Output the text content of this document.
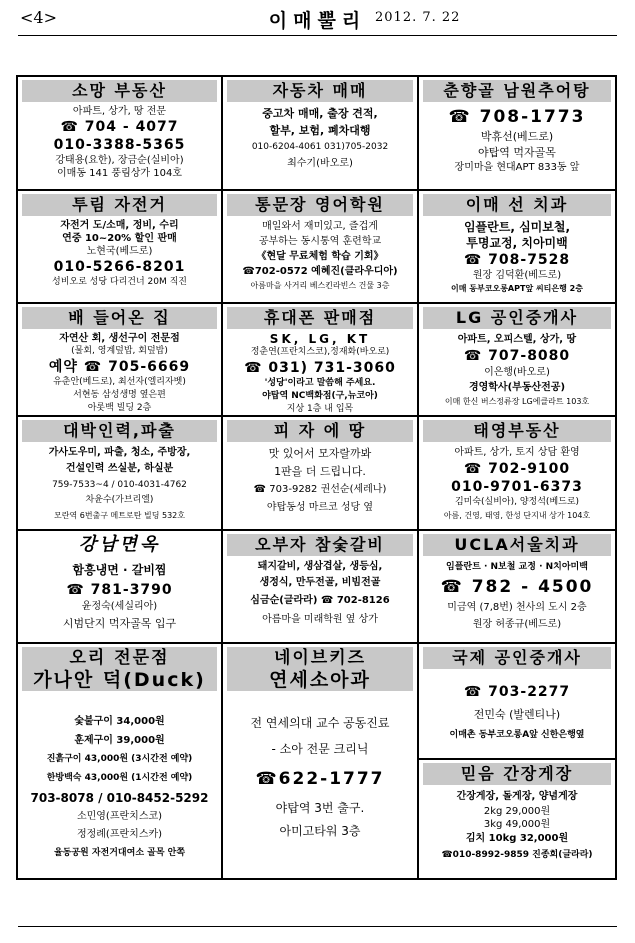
<4>	이매뿔리 2012. 7. 22
소망 부동산
아파트, 상가, 땅 전문
☎ 704 - 4077
010-3388-5365
강태용(요한), 장금순(실비아)
이매동 141 풍림상가 104호
자동차 매매
중고차 매매, 출장 견적,
할부, 보험, 폐차대행
010-6204-4061 031)705-2032
최수기(바오로)
춘향골 남원추어탕
☎ 708-1773
박휴선(베드로)
야탑역 먹자골목
장미마을 현대APT 833동 앞
투림 자전거
자전거 도/소매, 정비, 수리
연중 10~20% 할인 판매
노현국(베드로)
010-5266-8201
성비오로 성당 다리건너 20M 직진
통문장 영어학원
매일와서 재미있고, 즐겁게
공부하는 동시통역 훈련학교
《현달 무료체험 학습 기회》
☎702-0572 예혜진(클라우디아)
아름마을 사거리 베스킨라빈스 건물 3층
이매 선 치과
임플란트, 심미보철,
투명교정, 치아미백
☎ 708-7528
원장 김덕환(베드로)
이매 동부코오롱APT앞 씨티은행 2층
배 들어온 집
자연산 회, 생선구이 전문점
(물회, 영계덮밥, 회덮밥)
예약 ☎ 705-6669
유춘안(베드로), 최선자(엘리자벳)
서현동 삼성생명 옆은편
아롯백 빌딩 2층
휴대폰 판매점
SK, LG, KT
정춘연(프란치스코),정재화(바오로)
☎ 031) 731-3060
'성당'이라고 말씀해 주세요.
야탑역 NC백화점(구,뉴코아)
지상 1층 내 입목
LG 공인중개사
아파트, 오피스텔, 상가, 땅
☎ 707-8080
이은행(바오로)
경영학사(부동산전공)
이매 한신 버스정류장 LG에클라트 103호
대박인력,파출
가사도우미, 파출, 청소, 주방장,
건설인력 쓰실분, 하실분
759-7533~4 / 010-4031-4762
차윤수(가브리엘)
모란역 6번출구 메트로탄 빌딩 532호
피 자 에 땅
맛 있어서 모자랄까봐
1판을 더 드립니다.
☎ 703-9282 권선순(세레나)
야탑동성 마르코 성당 옆
태영부동산
아파트, 상가, 토지 상담 환영
☎ 702-9100
010-9701-6373
김미숙(실비아), 양정석(베드로)
아름, 건영, 태영, 한성 단지내 상가 104호
강남면옥
함흥냉면 · 갈비찜
☎ 781-3790
윤정숙(세실리아)
시범단지 먹자골목 입구
오부자 참숯갈비
돼지갈비, 생삼겹살, 생등심,
생정식, 만두전골, 비빔전골
심금순(글라라) ☎ 702-8126
아름마을 미래학원 옆 상가
UCLA서울치과
임플란트 · N보철 교정 · N치아미백
☎ 782 - 4500
미금역 (7,8번) 천사의 도시 2층
원장 허종규(베드로)
오리 전문점
가나안 덕(Duck)
숯불구이 34,000원
훈제구이 39,000원
진흙구이 43,000원 (3시간전 예약)
한방백숙 43,000원 (1시간전 예약)
703-8078 / 010-8452-5292
소민영(프란치스코)
정정례(프란치스카)
율동공원 자전거대여소 골목 안쪽
네이브키즈
연세소아과
전 연세의대 교수 공동진료
- 소아 전문 크리닉
☎622-1777
야탑역 3번 출구.
아미고타워 3층
국제 공인중개사
☎ 703-2277
전민숙 (발렌티나)
이매촌 동부코오롱A앞 신한은행옆
믿음 간장게장
간장게장, 돌게장, 양념게장
2kg 29,000원
3kg 49,000원
김치 10kg 32,000원
☎010-8992-9859 진종희(글라라)
